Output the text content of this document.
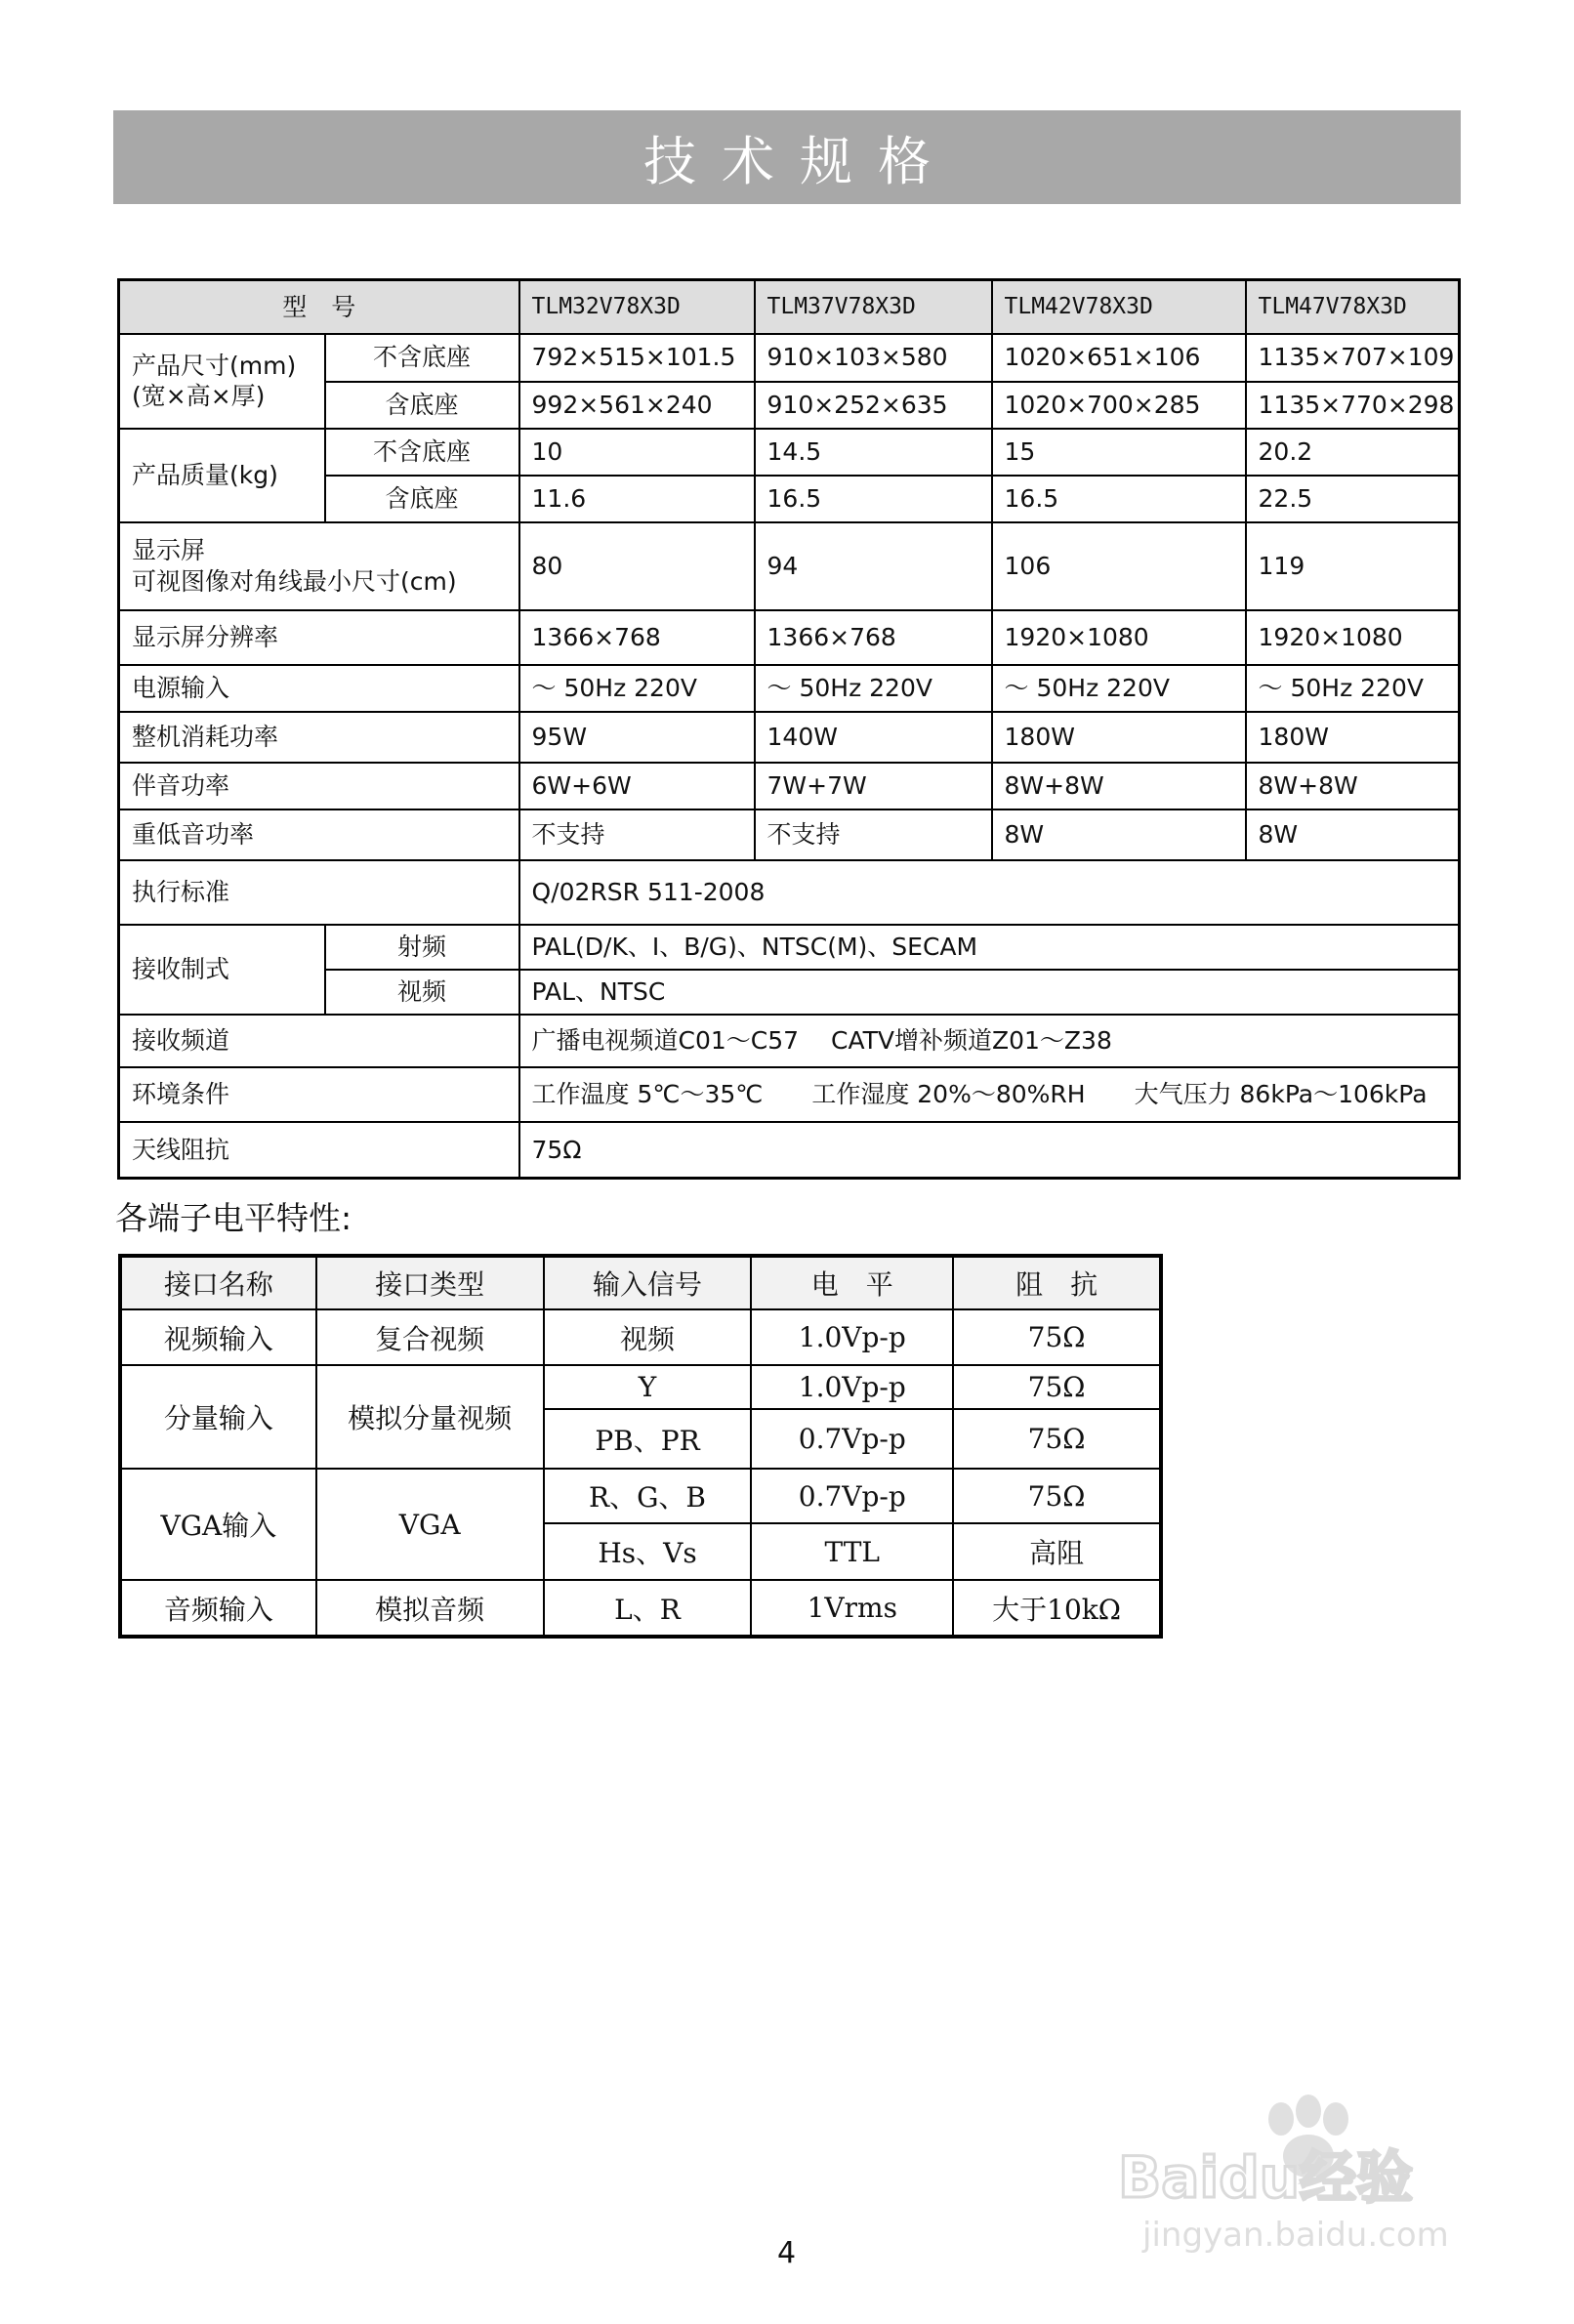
技术规格
型　号		TLM32V78X3D	TLM37V78X3D	TLM42V78X3D	TLM47V78X3D

产品尺寸(mm)
(宽×高×厚)	不含底座	792×515×101.5	910×103×580	1020×651×106	1135×707×109
	含底座	992×561×240	910×252×635	1020×700×285	1135×770×298
产品质量(kg)	不含底座	10	14.5	15	20.2
	含底座	11.6	16.5	16.5	22.5

显示屏
可视图像对角线最小尺寸(cm)		80	94	106	119
显示屏分辨率		1366×768	1366×768	1920×1080	1920×1080
电源输入		～ 50Hz 220V	～ 50Hz 220V	～ 50Hz 220V	～ 50Hz 220V
整机消耗功率		95W	140W	180W	180W
伴音功率		6W+6W	7W+7W	8W+8W	8W+8W
重低音功率		不支持	不支持	8W	8W
执行标准		Q/02RSR 511-2008			
接收制式	射频	PAL(D/K、I、B/G)、NTSC(M)、SECAM			
	视频	PAL、NTSC			
接收频道		广播电视频道C01～C57　 CATV增补频道Z01～Z38			
环境条件		工作温度 5℃～35℃　　工作湿度 20%～80%RH　　大气压力 86kPa～106kPa			
天线阻抗		75Ω			
各端子电平特性:
接口名称	接口类型	输入信号	电　平	阻　抗
视频输入	复合视频	视频	1.0Vp-p	75Ω
分量输入	模拟分量视频	Y	1.0Vp-p	75Ω
		PB、PR	0.7Vp-p	75Ω
VGA输入	VGA	R、G、B	0.7Vp-p	75Ω
		Hs、Vs	TTL	高阻
音频输入	模拟音频	L、R	1Vrms	大于10kΩ
Baidu经验
jingyan.baidu.com
4
